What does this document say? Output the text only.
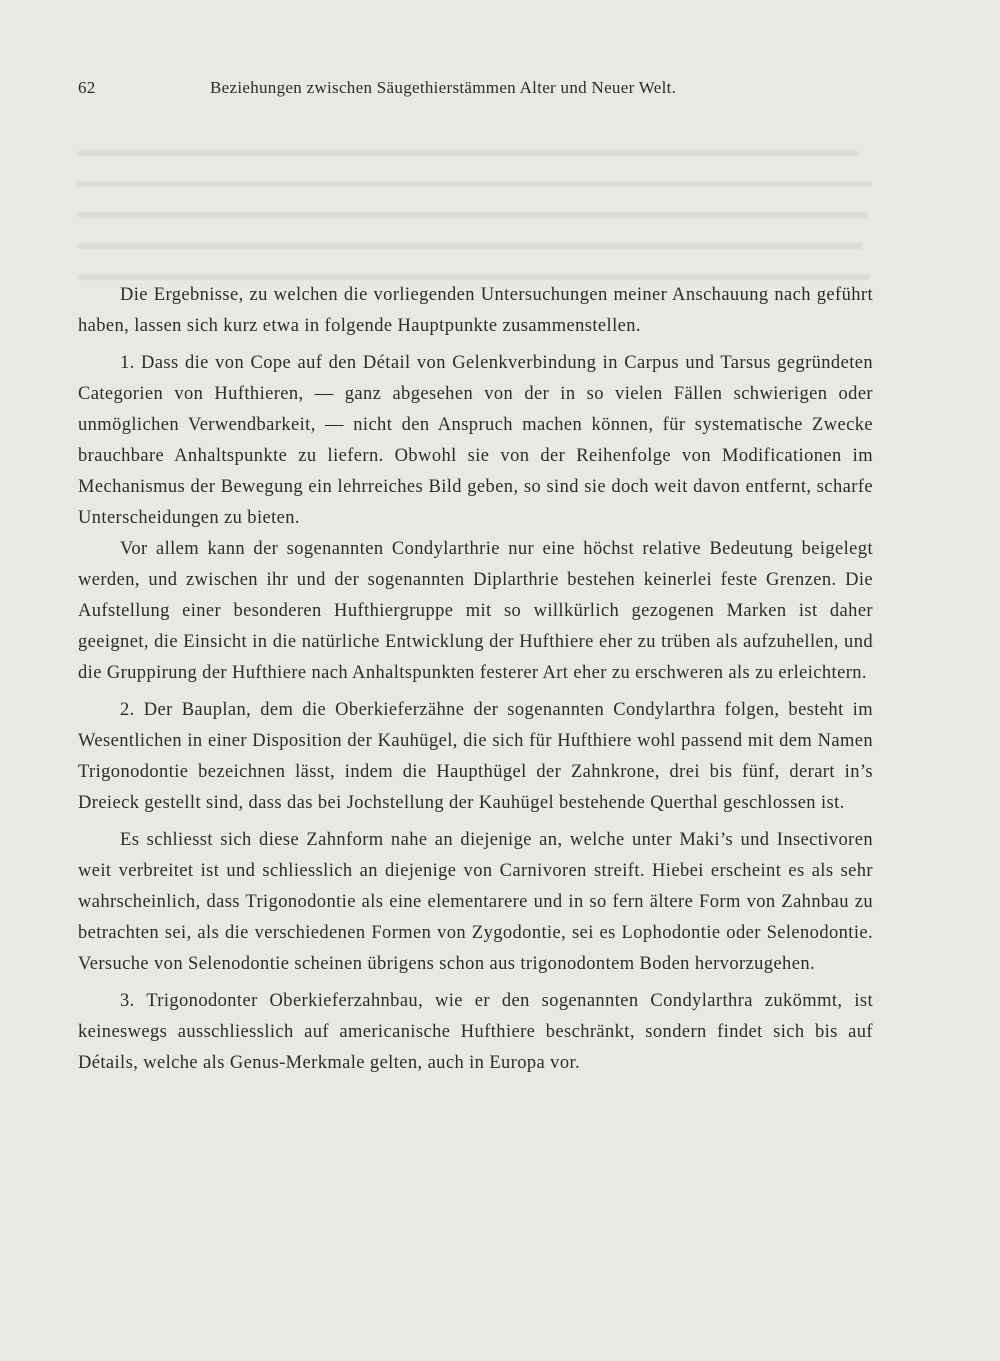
62	Beziehungen zwischen Säugethierstämmen Alter und Neuer Welt.

Die Ergebnisse, zu welchen die vorliegenden Untersuchungen meiner Anschauung nach geführt haben, lassen sich kurz etwa in folgende Hauptpunkte zusammenstellen.

1. Dass die von Cope auf den Détail von Gelenkverbindung in Carpus und Tarsus gegründeten Categorien von Hufthieren, — ganz abgesehen von der in so vielen Fällen schwierigen oder unmöglichen Verwendbarkeit, — nicht den Anspruch machen können, für systematische Zwecke brauchbare Anhaltspunkte zu liefern. Obwohl sie von der Reihenfolge von Modificationen im Mechanismus der Bewegung ein lehrreiches Bild geben, so sind sie doch weit davon entfernt, scharfe Unterscheidungen zu bieten.

Vor allem kann der sogenannten Condylarthrie nur eine höchst relative Bedeutung beigelegt werden, und zwischen ihr und der sogenannten Diplarthrie bestehen keinerlei feste Grenzen. Die Aufstellung einer besonderen Hufthiergruppe mit so willkürlich gezogenen Marken ist daher geeignet, die Einsicht in die natürliche Entwicklung der Hufthiere eher zu trüben als aufzuhellen, und die Gruppirung der Hufthiere nach Anhaltspunkten festerer Art eher zu erschweren als zu erleichtern.

2. Der Bauplan, dem die Oberkieferzähne der sogenannten Condylarthra folgen, besteht im Wesentlichen in einer Disposition der Kauhügel, die sich für Hufthiere wohl passend mit dem Namen Trigonodontie bezeichnen lässt, indem die Haupthügel der Zahnkrone, drei bis fünf, derart in’s Dreieck gestellt sind, dass das bei Jochstellung der Kauhügel bestehende Querthal geschlossen ist.

Es schliesst sich diese Zahnform nahe an diejenige an, welche unter Maki’s und Insectivoren weit verbreitet ist und schliesslich an diejenige von Carnivoren streift. Hiebei erscheint es als sehr wahrscheinlich, dass Trigonodontie als eine elementarere und in so fern ältere Form von Zahnbau zu betrachten sei, als die verschiedenen Formen von Zygodontie, sei es Lophodontie oder Selenodontie. Versuche von Selenodontie scheinen übrigens schon aus trigonodontem Boden hervorzugehen.

3. Trigonodonter Oberkieferzahnbau, wie er den sogenannten Condylarthra zukömmt, ist keineswegs ausschliesslich auf americanische Hufthiere beschränkt, sondern findet sich bis auf Détails, welche als Genus-Merkmale gelten, auch in Europa vor.
